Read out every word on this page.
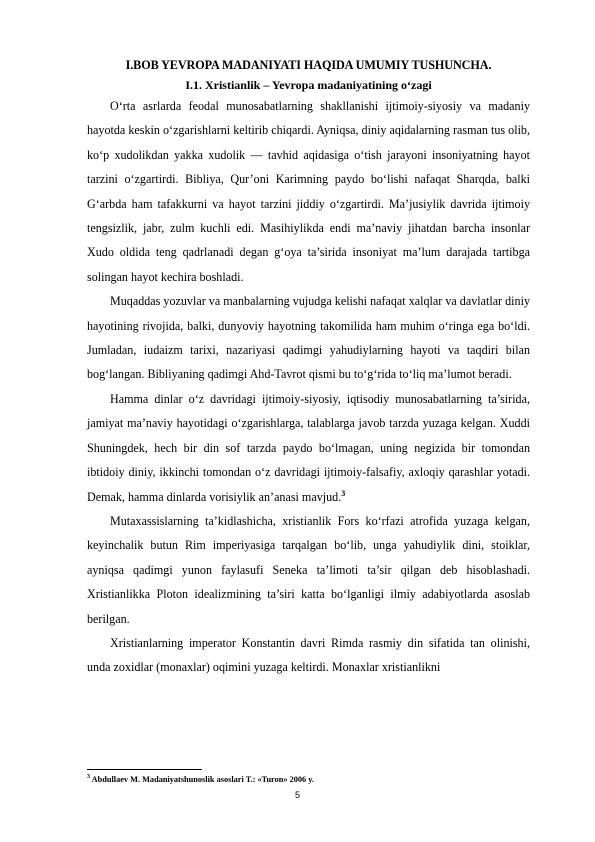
I.BOB YEVROPA MADANIYATI HAQIDA UMUMIY TUSHUNCHA.
I.1. Xristianlik – Yevropa madaniyatining o‘zagi

O‘rta asrlarda feodal munosabatlarning shakllanishi ijtimoiy-siyosiy va madaniy hayotda keskin o‘zgarishlarni keltirib chiqardi. Ayniqsa, diniy aqidalarning rasman tus olib, ko‘p xudolikdan yakka xudolik — tavhid aqidasiga o‘tish jarayoni insoniyatning hayot tarzini o‘zgartirdi. Bibliya, Qur’oni Karimning paydo bo‘lishi nafaqat Sharqda, balki G‘arbda ham tafakkurni va hayot tarzini jiddiy o‘zgartirdi. Ma’jusiylik davrida ijtimoiy tengsizlik, jabr, zulm kuchli edi. Masihiylikda endi ma’naviy jihatdan barcha insonlar Xudo oldida teng qadrlanadi degan g‘oya ta’sirida insoniyat ma’lum darajada tartibga solingan hayot kechira boshladi.

Muqaddas yozuvlar va manbalarning vujudga kelishi nafaqat xalqlar va davlatlar diniy hayotining rivojida, balki, dunyoviy hayotning takomilida ham muhim o‘ringa ega bo‘ldi. Jumladan, iudaizm tarixi, nazariyasi qadimgi yahudiylarning hayoti va taqdiri bilan bog‘langan. Bibliyaning qadimgi Ahd-Tavrot qismi bu to‘g‘rida to‘liq ma’lumot beradi.

Hamma dinlar o‘z davridagi ijtimoiy-siyosiy, iqtisodiy munosabatlarning ta’sirida, jamiyat ma’naviy hayotidagi o‘zgarishlarga, talablarga javob tarzda yuzaga kelgan. Xuddi Shuningdek, hech bir din sof tarzda paydo bo‘lmagan, uning negizida bir tomondan ibtidoiy diniy, ikkinchi tomondan o‘z davridagi ijtimoiy-falsafiy, axloqiy qarashlar yotadi. Demak, hamma dinlarda vorisiylik an’anasi mavjud.$^3$

Mutaxassislarning ta’kidlashicha, xristianlik Fors ko‘rfazi atrofida yuzaga kelgan, keyinchalik butun Rim imperiyasiga tarqalgan bo‘lib, unga yahudiylik dini, stoiklar, ayniqsa qadimgi yunon faylasufi Seneka ta’limoti ta’sir qilgan deb hisoblashadi. Xristianlikka Ploton idealizmining ta’siri katta bo‘lganligi ilmiy adabiyotlarda asoslab berilgan.

Xristianlarning imperator Konstantin davri Rimda rasmiy din sifatida tan olinishi, unda zoxidlar (monaxlar) oqimini yuzaga keltirdi. Monaxlar xristianlikni

$^3$ Abdullaev M. Madaniyatshunoslik asoslari T.: «Turon» 2006 y.
5
